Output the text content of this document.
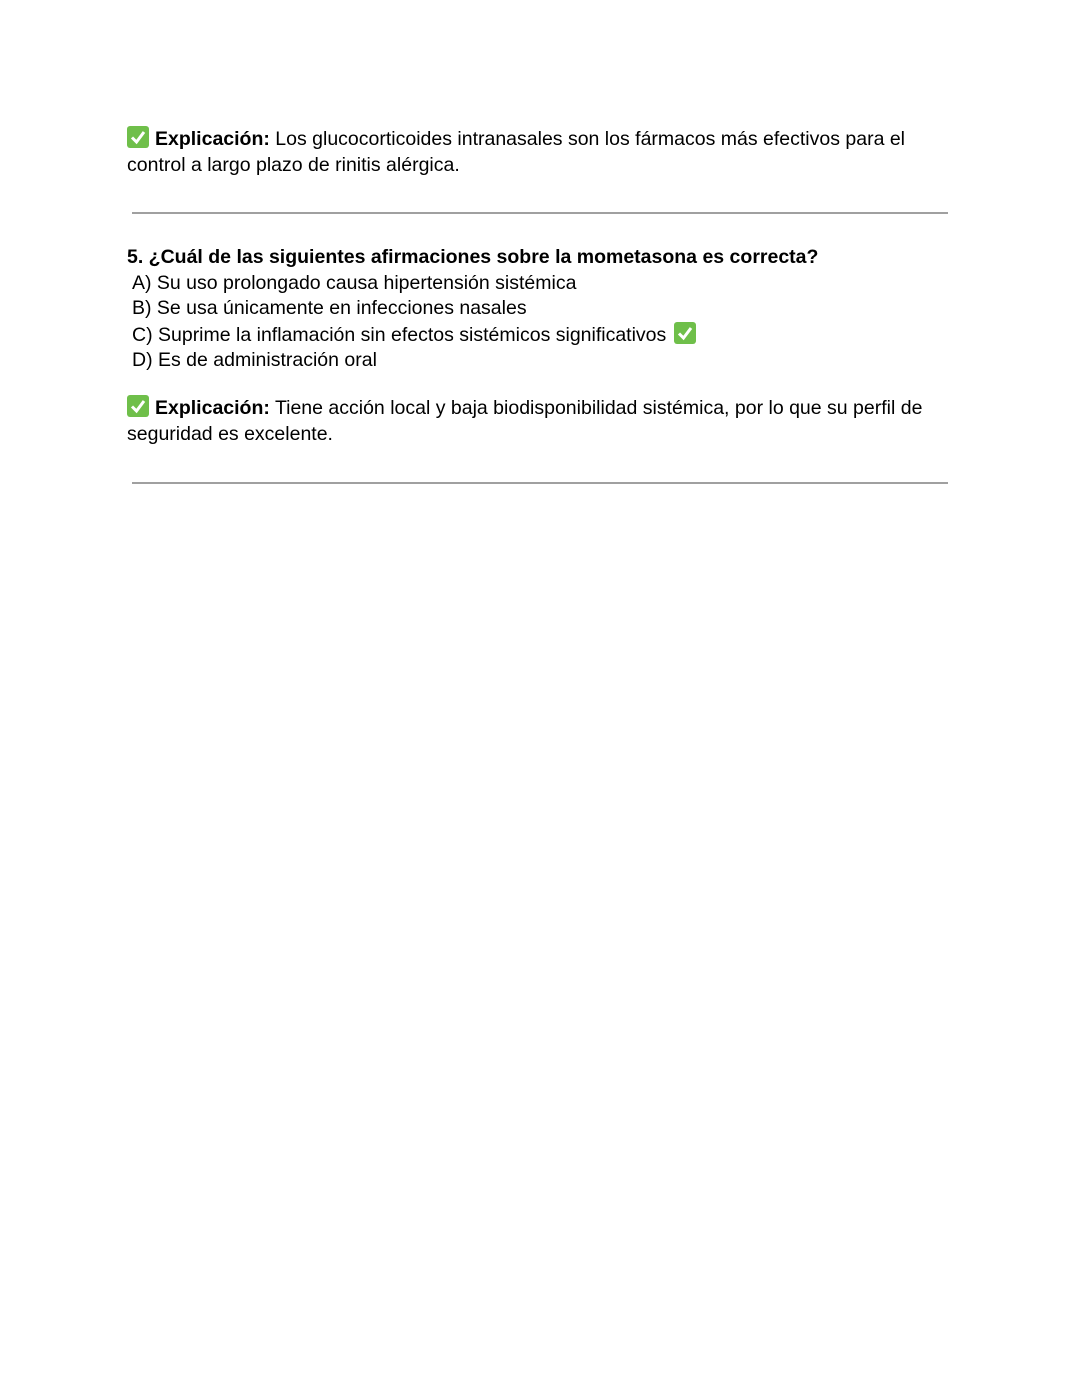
Explicación: Los glucocorticoides intranasales son los fármacos más efectivos para el control a largo plazo de rinitis alérgica.

5. ¿Cuál de las siguientes afirmaciones sobre la mometasona es correcta?

A) Su uso prolongado causa hipertensión sistémica
B) Se usa únicamente en infecciones nasales
C) Suprime la inflamación sin efectos sistémicos significativos
D) Es de administración oral

Explicación: Tiene acción local y baja biodisponibilidad sistémica, por lo que su perfil de seguridad es excelente.
